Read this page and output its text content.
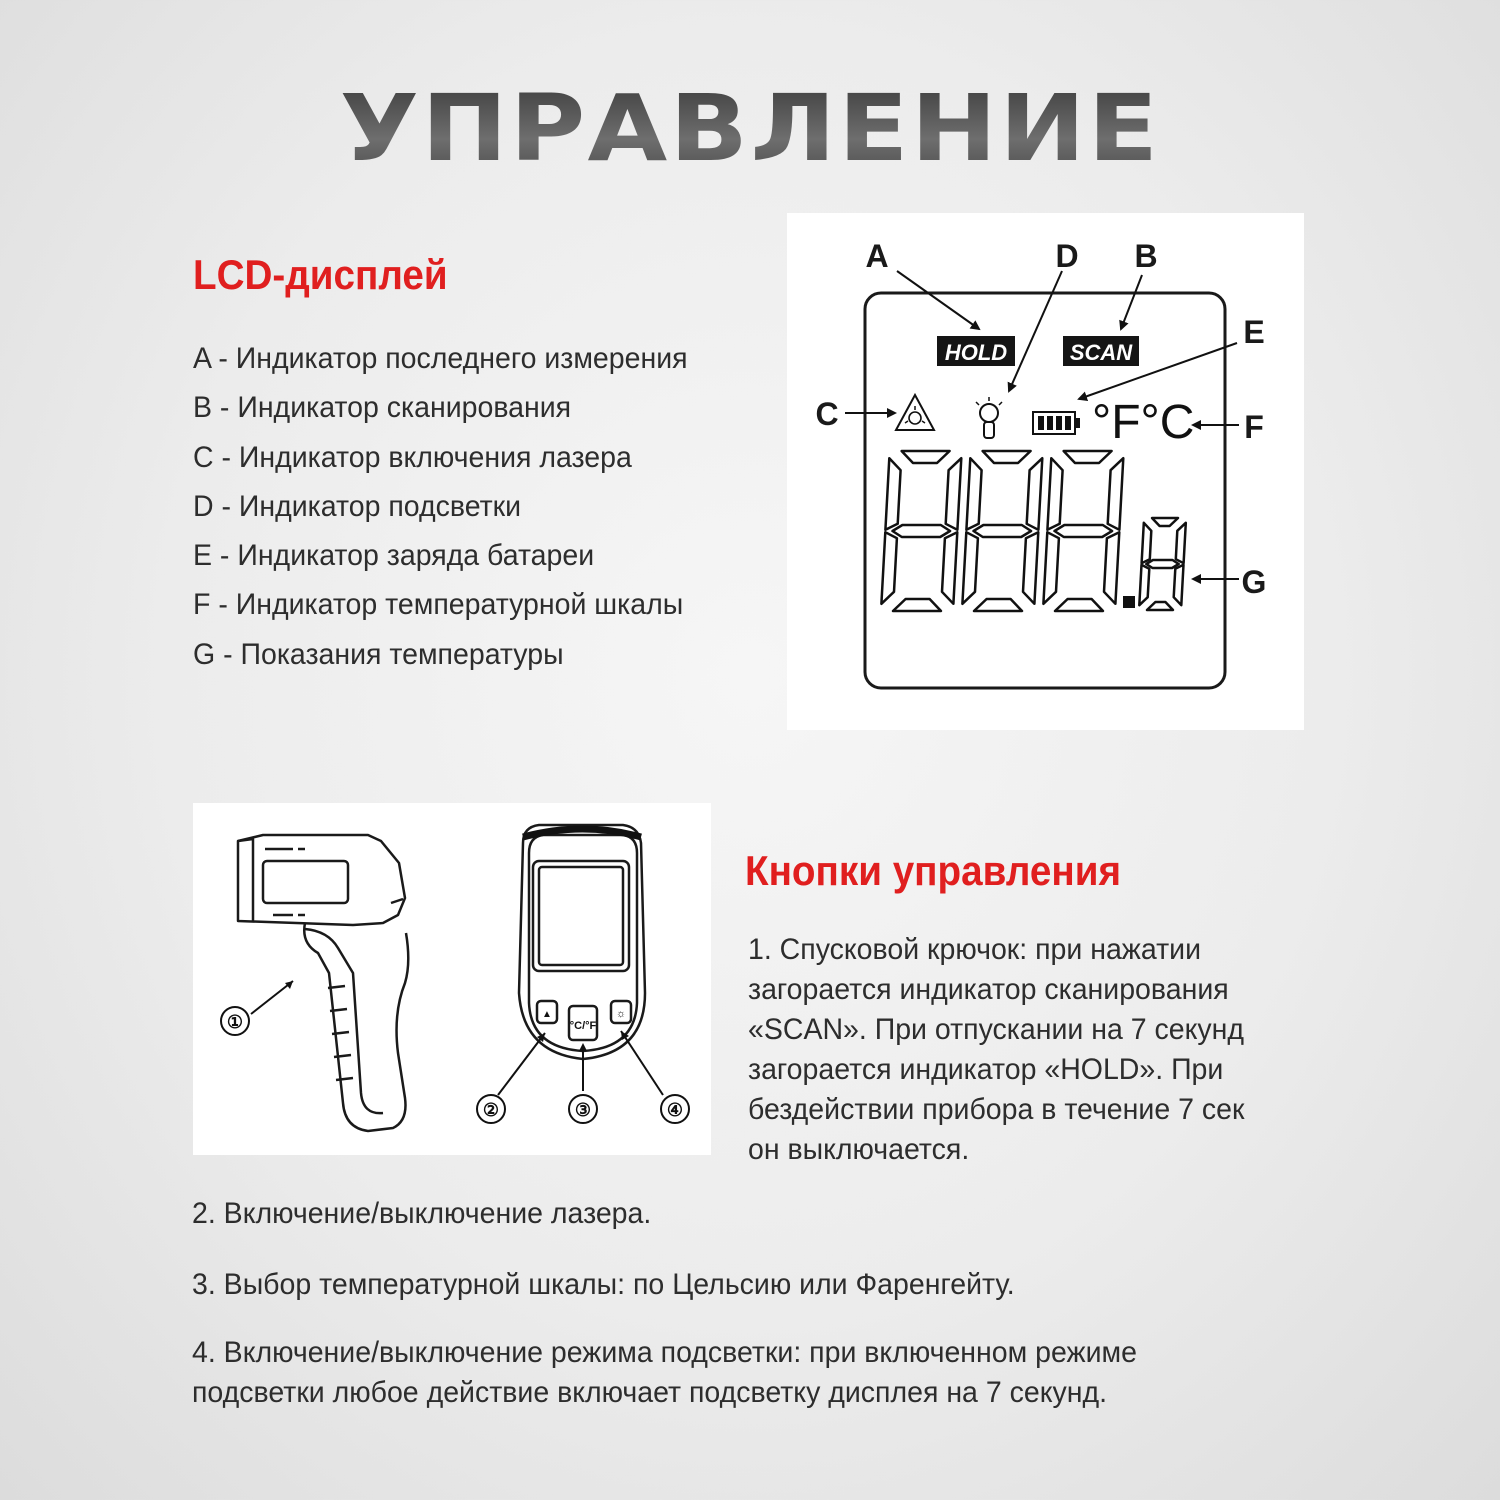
УПРАВЛЕНИЕ
LCD-дисплей
A - Индикатор последнего измерения
B - Индикатор сканирования
C - Индикатор включения лазера
D - Индикатор подсветки
E - Индикатор заряда батареи
F - Индикатор температурной шкалы
G - Показания температуры
A	D B
E
C	F
G
HOLD	SCAN
°F°C
①	▲
°C/°F
☼
②	③	④
Кнопки управления
1. Спусковой крючок: при нажатии
загорается индикатор сканирования
«SCAN». При отпускании на 7 секунд
загорается индикатор «HOLD». При
бездействии прибора в течение 7 сек
он выключается.
2. Включение/выключение лазера.
3. Выбор температурной шкалы: по Цельсию или Фаренгейту.
4. Включение/выключение режима подсветки: при включенном режиме
подсветки любое действие включает подсветку дисплея на 7 секунд.
